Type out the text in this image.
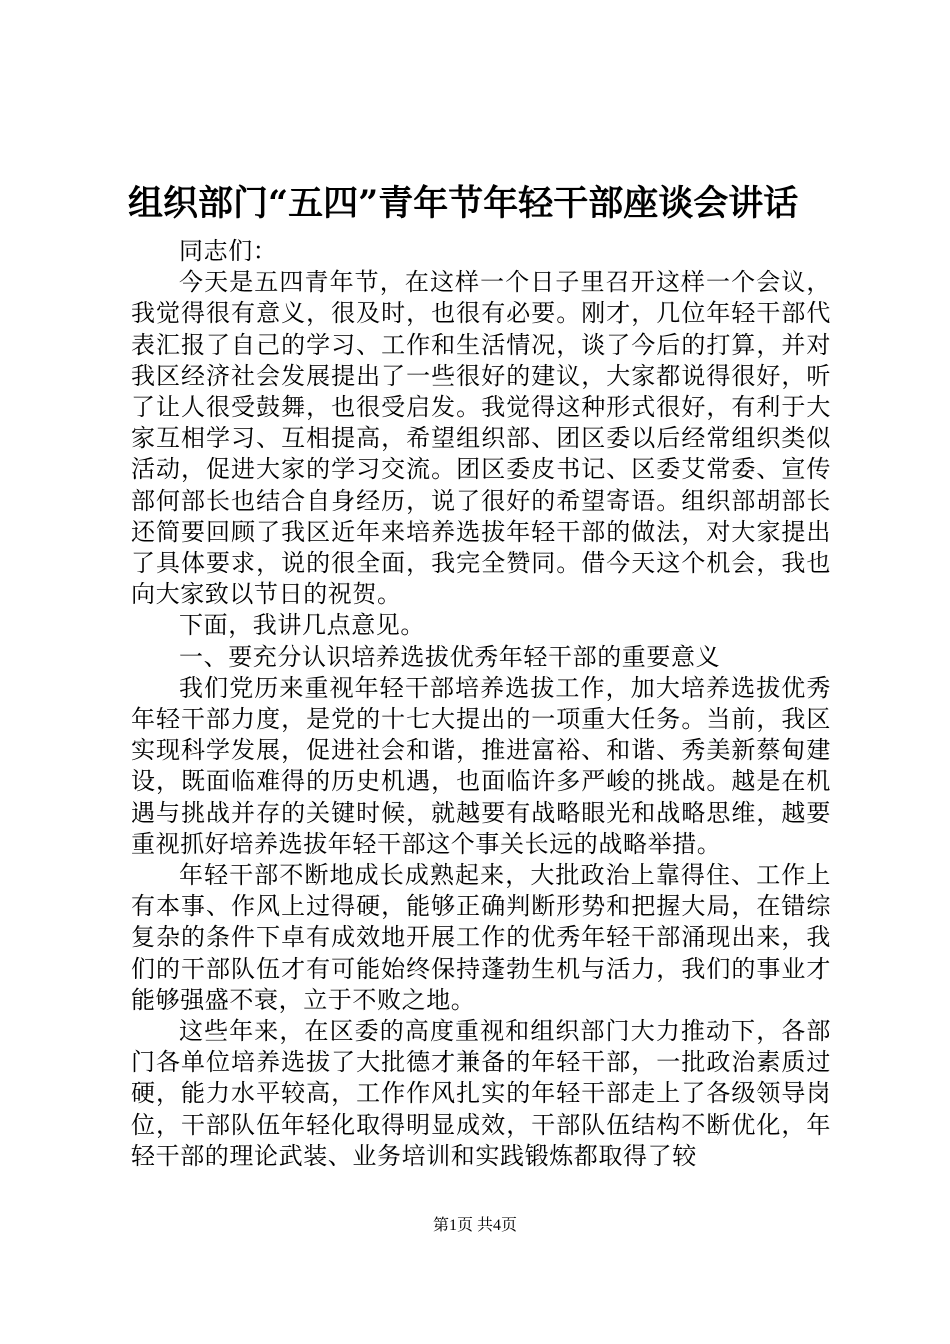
组织部门“五四”青年节年轻干部座谈会讲话

同志们：

今天是五四青年节，在这样一个日子里召开这样一个会议，我觉得很有意义，很及时，也很有必要。刚才，几位年轻干部代表汇报了自己的学习、工作和生活情况，谈了今后的打算，并对我区经济社会发展提出了一些很好的建议，大家都说得很好，听了让人很受鼓舞，也很受启发。我觉得这种形式很好，有利于大家互相学习、互相提高，希望组织部、团区委以后经常组织类似活动，促进大家的学习交流。团区委皮书记、区委艾常委、宣传部何部长也结合自身经历，说了很好的希望寄语。组织部胡部长还简要回顾了我区近年来培养选拔年轻干部的做法，对大家提出了具体要求，说的很全面，我完全赞同。借今天这个机会，我也向大家致以节日的祝贺。

下面，我讲几点意见。

一、要充分认识培养选拔优秀年轻干部的重要意义

我们党历来重视年轻干部培养选拔工作，加大培养选拔优秀年轻干部力度，是党的十七大提出的一项重大任务。当前，我区实现科学发展，促进社会和谐，推进富裕、和谐、秀美新蔡甸建设，既面临难得的历史机遇，也面临许多严峻的挑战。越是在机遇与挑战并存的关键时候，就越要有战略眼光和战略思维，越要重视抓好培养选拔年轻干部这个事关长远的战略举措。

年轻干部不断地成长成熟起来，大批政治上靠得住、工作上有本事、作风上过得硬，能够正确判断形势和把握大局，在错综复杂的条件下卓有成效地开展工作的优秀年轻干部涌现出来，我们的干部队伍才有可能始终保持蓬勃生机与活力，我们的事业才能够强盛不衰，立于不败之地。

这些年来，在区委的高度重视和组织部门大力推动下，各部门各单位培养选拔了大批德才兼备的年轻干部，一批政治素质过硬，能力水平较高，工作作风扎实的年轻干部走上了各级领导岗位，干部队伍年轻化取得明显成效，干部队伍结构不断优化，年轻干部的理论武装、业务培训和实践锻炼都取得了较

第1页 共4页
